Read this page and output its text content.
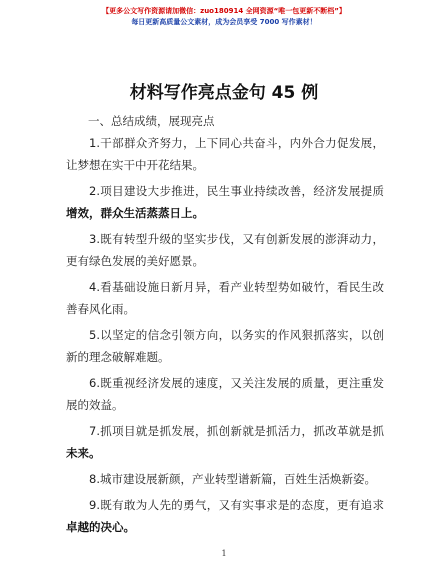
【更多公文写作资源请加微信：zuo180914 全网资源“唯一包更新不断档”】
每日更新高质量公文素材，成为会员享受 7000 写作素材！
材料写作亮点金句 45 例
一、总结成绩，展现亮点

1.干部群众齐努力，上下同心共奋斗，内外合力促发展，让梦想在实干中开花结果。

2.项目建设大步推进，民生事业持续改善，经济发展提质增效，群众生活蒸蒸日上。

3.既有转型升级的坚实步伐，又有创新发展的澎湃动力，更有绿色发展的美好愿景。

4.看基础设施日新月异，看产业转型势如破竹，看民生改善春风化雨。

5.以坚定的信念引领方向，以务实的作风狠抓落实，以创新的理念破解难题。

6.既重视经济发展的速度，又关注发展的质量，更注重发展的效益。

7.抓项目就是抓发展，抓创新就是抓活力，抓改革就是抓未来。

8.城市建设展新颜，产业转型谱新篇，百姓生活焕新姿。

9.既有敢为人先的勇气，又有实事求是的态度，更有追求卓越的决心。

1
